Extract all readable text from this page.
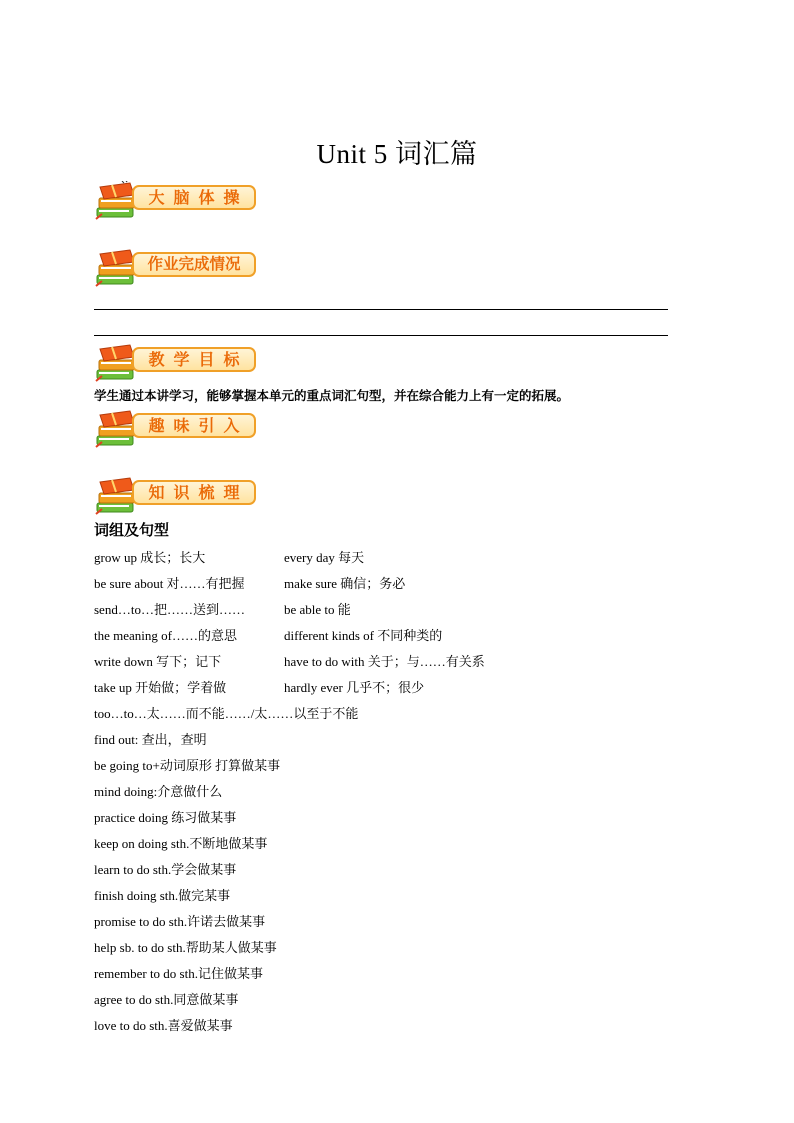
Unit 5 词汇篇
大脑体操
作业完成情况
教学目标
学生通过本讲学习，能够掌握本单元的重点词汇句型，并在综合能力上有一定的拓展。
趣味引入
知识梳理
词组及句型
grow up 成长；长大	every day 每天
be sure about 对……有把握	make sure 确信；务必
send…to…把……送到……	be able to 能
the meaning of……的意思	different kinds of 不同种类的
write down 写下；记下	have to do with 关于；与……有关系
take up 开始做；学着做	hardly ever 几乎不；很少
too…to…太……而不能……/太……以至于不能
find out: 查出，查明
be going to+动词原形 打算做某事
mind doing:介意做什么
practice doing 练习做某事
keep on doing sth.不断地做某事
learn to do sth.学会做某事
finish doing sth.做完某事
promise to do sth.许诺去做某事
help sb. to do sth.帮助某人做某事
remember to do sth.记住做某事
agree to do sth.同意做某事
love to do sth.喜爱做某事
